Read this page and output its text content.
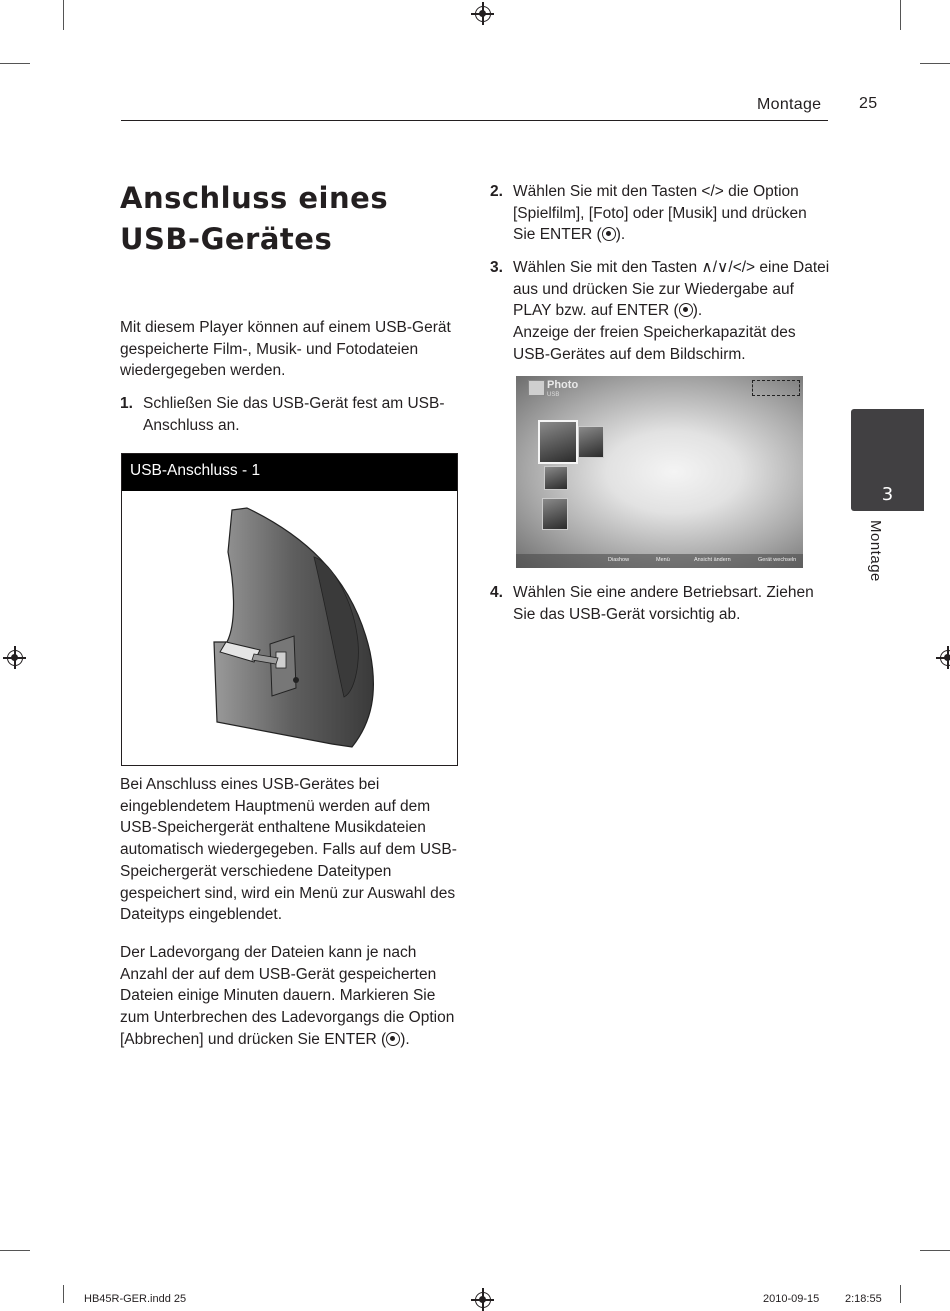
Montage 25
Anschluss eines USB-Gerätes
Mit diesem Player können auf einem USB-Gerät gespeicherte Film-, Musik- und Fotodateien wiedergegeben werden.
1. Schließen Sie das USB-Gerät fest am USB-Anschluss an.
USB-Anschluss - 1
Bei Anschluss eines USB-Gerätes bei eingeblendetem Hauptmenü werden auf dem USB-Speichergerät enthaltene Musikdateien automatisch wiedergegeben. Falls auf dem USB-Speichergerät verschiedene Dateitypen gespeichert sind, wird ein Menü zur Auswahl des Dateityps eingeblendet.
Der Ladevorgang der Dateien kann je nach Anzahl der auf dem USB-Gerät gespeicherten Dateien einige Minuten dauern. Markieren Sie zum Unterbrechen des Ladevorgangs die Option [Abbrechen] und drücken Sie ENTER ( ).
2. Wählen Sie mit den Tasten </> die Option [Spielfilm], [Foto] oder [Musik] und drücken Sie ENTER ( ).
3. Wählen Sie mit den Tasten ∧/∨/</> eine Datei aus und drücken Sie zur Wiedergabe auf PLAY bzw. auf ENTER ( ).
Anzeige der freien Speicherkapazität des USB-Gerätes auf dem Bildschirm.
Photo
USB
Diashow	Menü	Ansicht ändern	Gerät wechseln
4. Wählen Sie eine andere Betriebsart. Ziehen Sie das USB-Gerät vorsichtig ab.
3
Montage
HB45R-GER.indd 25	2010-09-15 2:18:55
